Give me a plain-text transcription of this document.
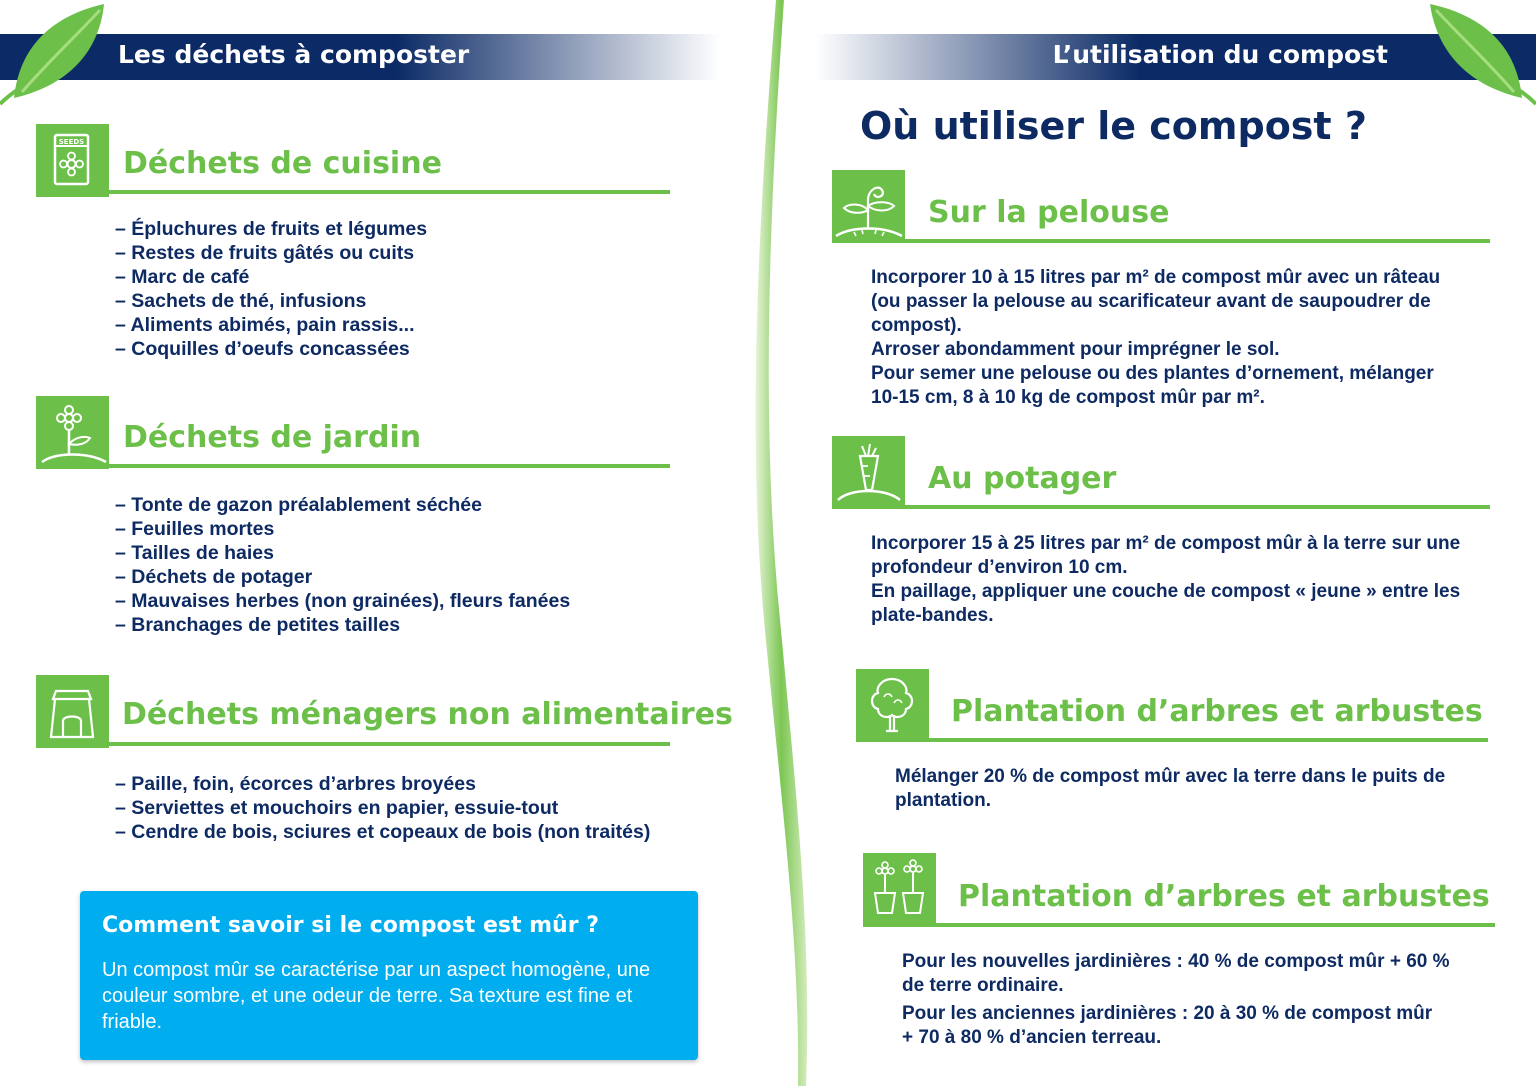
Les déchets à composter	L’utilisation du compost
SEEDS
Déchets de cuisine
– Épluchures de fruits et légumes
– Restes de fruits gâtés ou cuits
– Marc de café
– Sachets de thé, infusions
– Aliments abimés, pain rassis...
– Coquilles d’oeufs concassées
Déchets de jardin
– Tonte de gazon préalablement séchée
– Feuilles mortes
– Tailles de haies
– Déchets de potager
– Mauvaises herbes (non grainées), fleurs fanées
– Branchages de petites tailles
Déchets ménagers non alimentaires
– Paille, foin, écorces d’arbres broyées
– Serviettes et mouchoirs en papier, essuie-tout
– Cendre de bois, sciures et copeaux de bois (non traités)
Comment savoir si le compost est mûr ?
Un compost mûr se caractérise par un aspect homogène, une couleur sombre, et une odeur de terre. Sa texture est fine et friable.
Où utiliser le compost ?
Sur la pelouse

Incorporer 10 à 15 litres par m² de compost mûr avec un râteau

(ou passer la pelouse au scarificateur avant de saupoudrer de

compost).

Arroser abondamment pour imprégner le sol.

Pour semer une pelouse ou des plantes d’ornement, mélanger

10-15 cm, 8 à 10 kg de compost mûr par m².

Au potager

Incorporer 15 à 25 litres par m² de compost mûr à la terre sur une

profondeur d’environ 10 cm.

En paillage, appliquer une couche de compost « jeune » entre les

plate-bandes.

Plantation d’arbres et arbustes

Mélanger 20 % de compost mûr avec la terre dans le puits de

plantation.

Plantation d’arbres et arbustes

Pour les nouvelles jardinières : 40 % de compost mûr + 60 %

de terre ordinaire.

Pour les anciennes jardinières : 20 à 30 % de compost mûr

+ 70 à 80 % d’ancien terreau.
